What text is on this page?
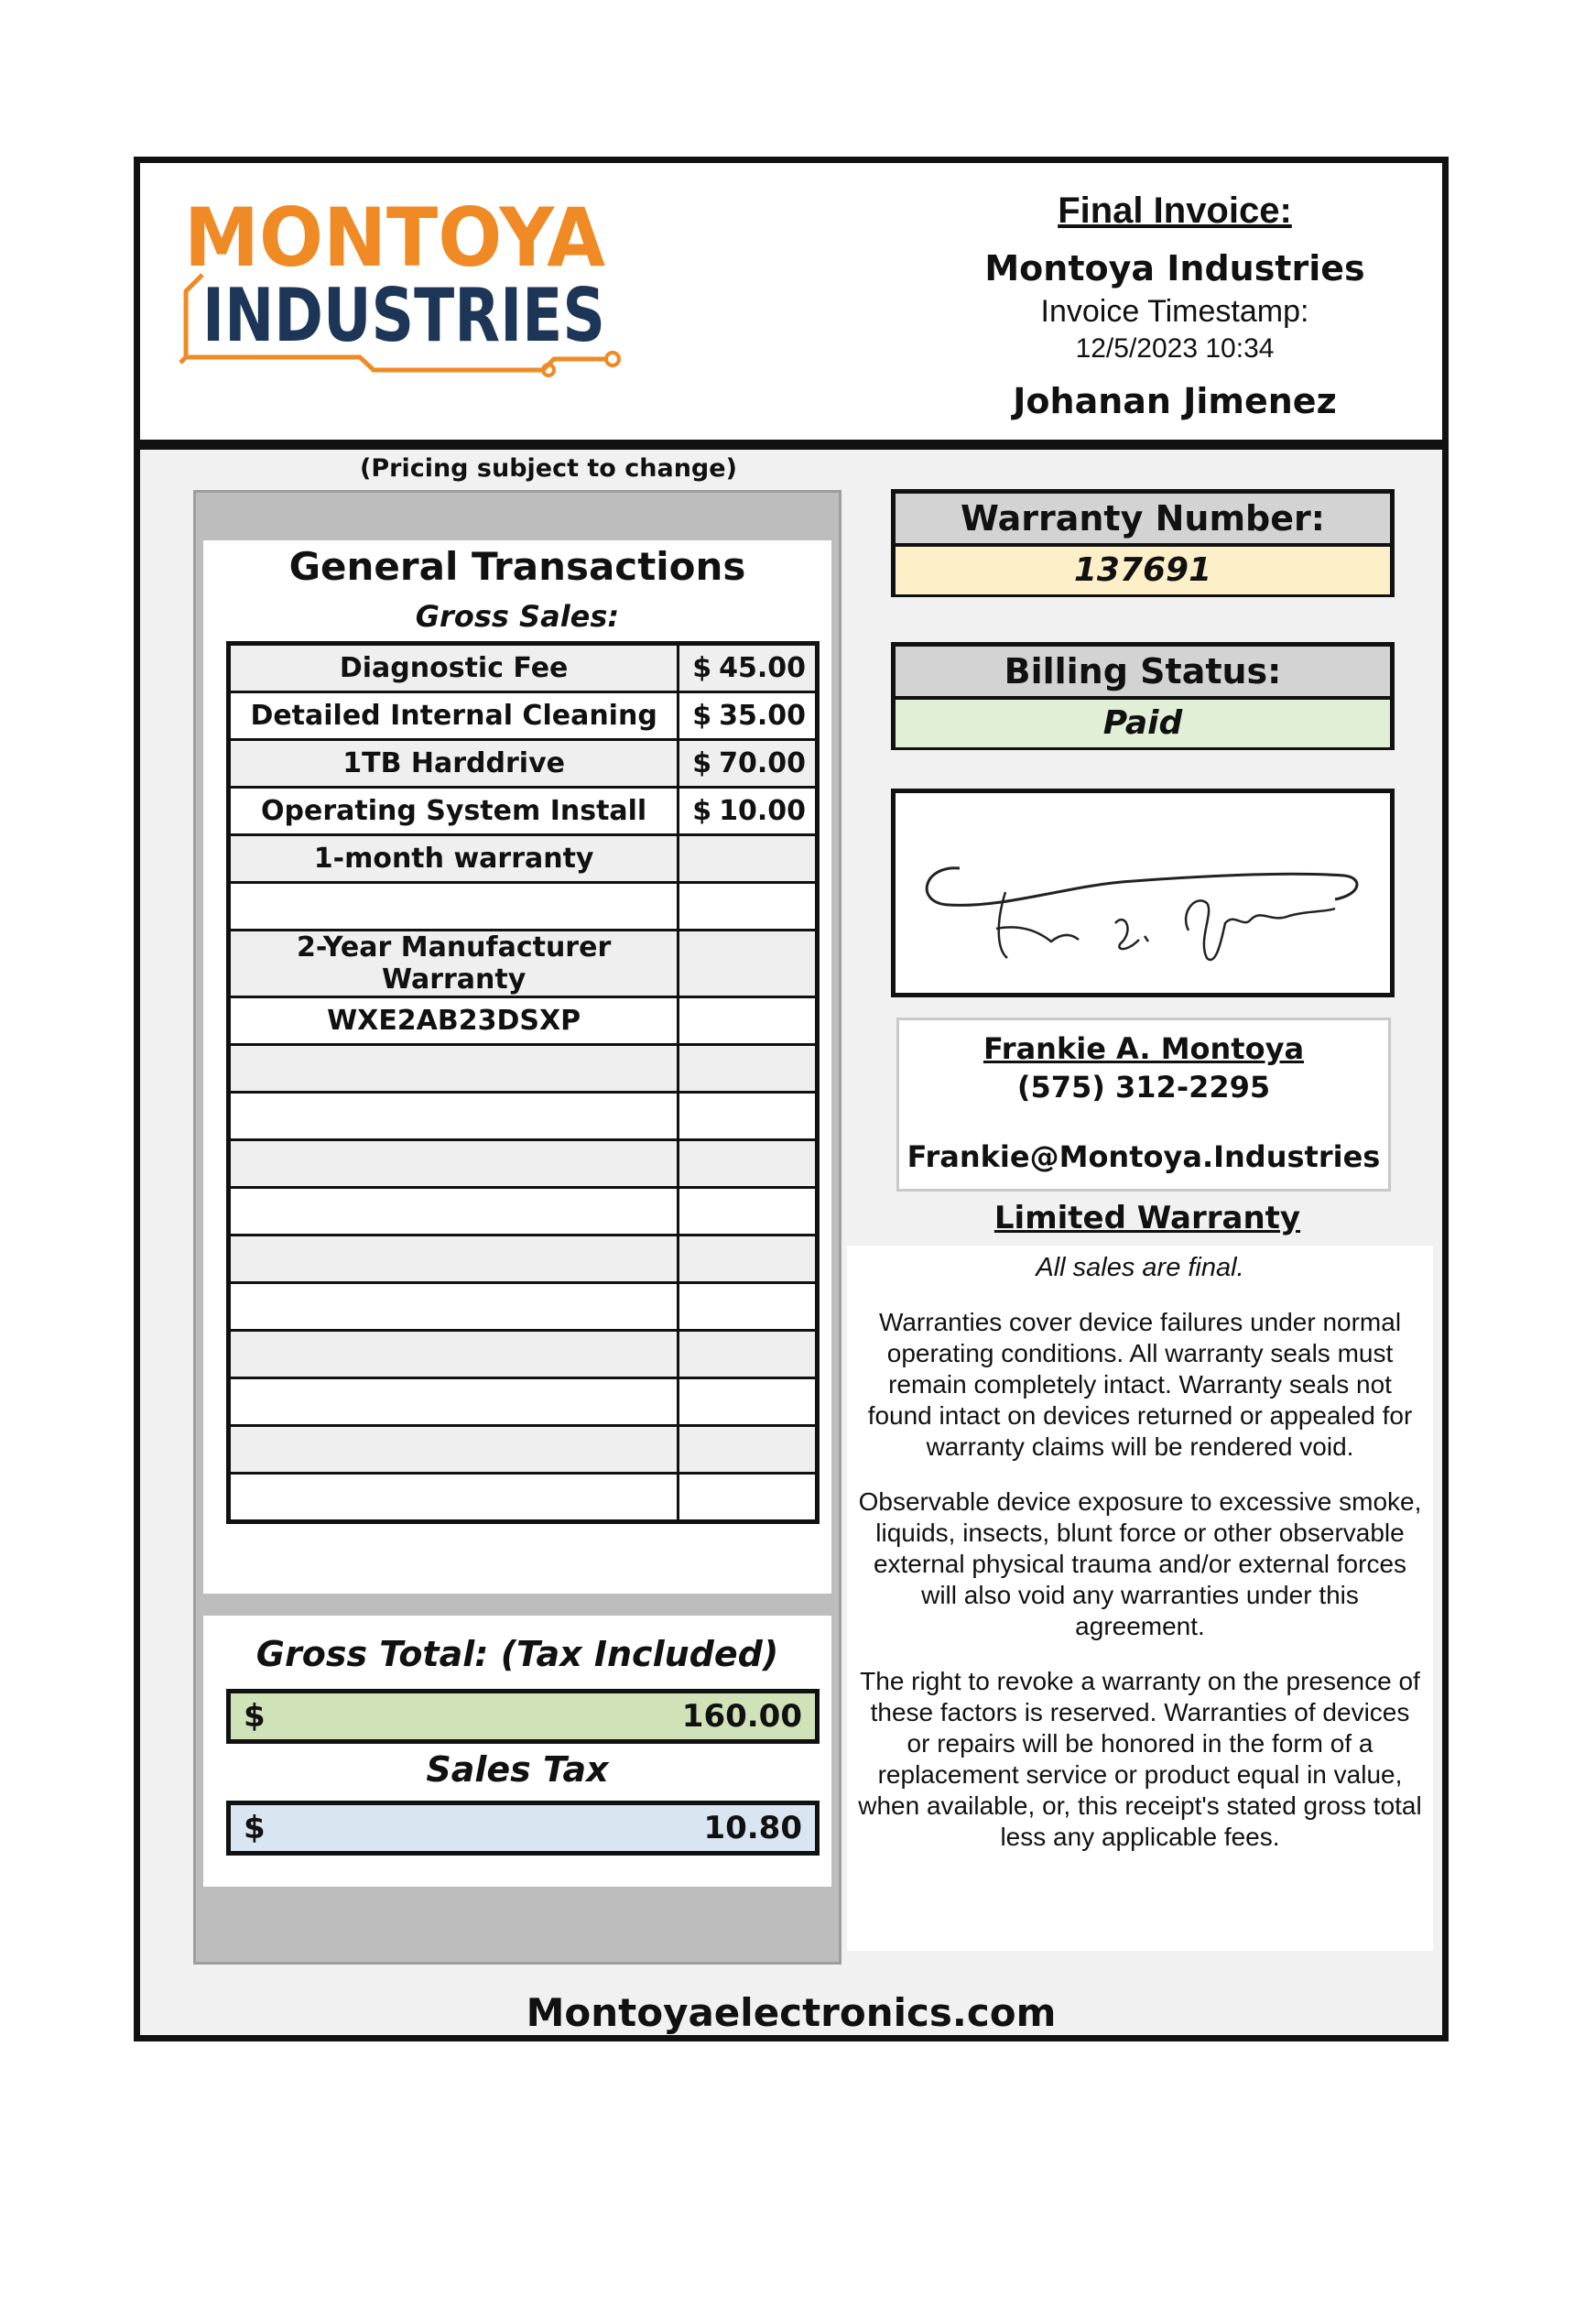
MONTOYA
INDUSTRIES
Final Invoice:
Montoya Industries
Invoice Timestamp:
12/5/2023 10:34
Johanan Jimenez
(Pricing subject to change)
General Transactions
Gross Sales:
Diagnostic Fee	$ 45.00

Detailed Internal Cleaning	$ 35.00

1TB Harddrive	$ 70.00

Operating System Install	$ 10.00

1-month warranty	

2-Year Manufacturer Warranty	

WXE2AB23DSXP	

Gross Total: (Tax Included)
$	160.00
Sales Tax
$	10.80
Warranty Number:
137691
Billing Status:
Paid
Frankie A. Montoya
(575) 312-2295
Frankie@Montoya.Industries
Limited Warranty
All sales are final.
Warranties cover device failures under normal operating conditions. All warranty seals must remain completely intact. Warranty seals not found intact on devices returned or appealed for warranty claims will be rendered void.
Observable device exposure to excessive smoke, liquids, insects, blunt force or other observable external physical trauma and/or external forces will also void any warranties under this agreement.
The right to revoke a warranty on the presence of these factors is reserved. Warranties of devices or repairs will be honored in the form of a replacement service or product equal in value, when available, or, this receipt's stated gross total less any applicable fees.
Montoyaelectronics.com
